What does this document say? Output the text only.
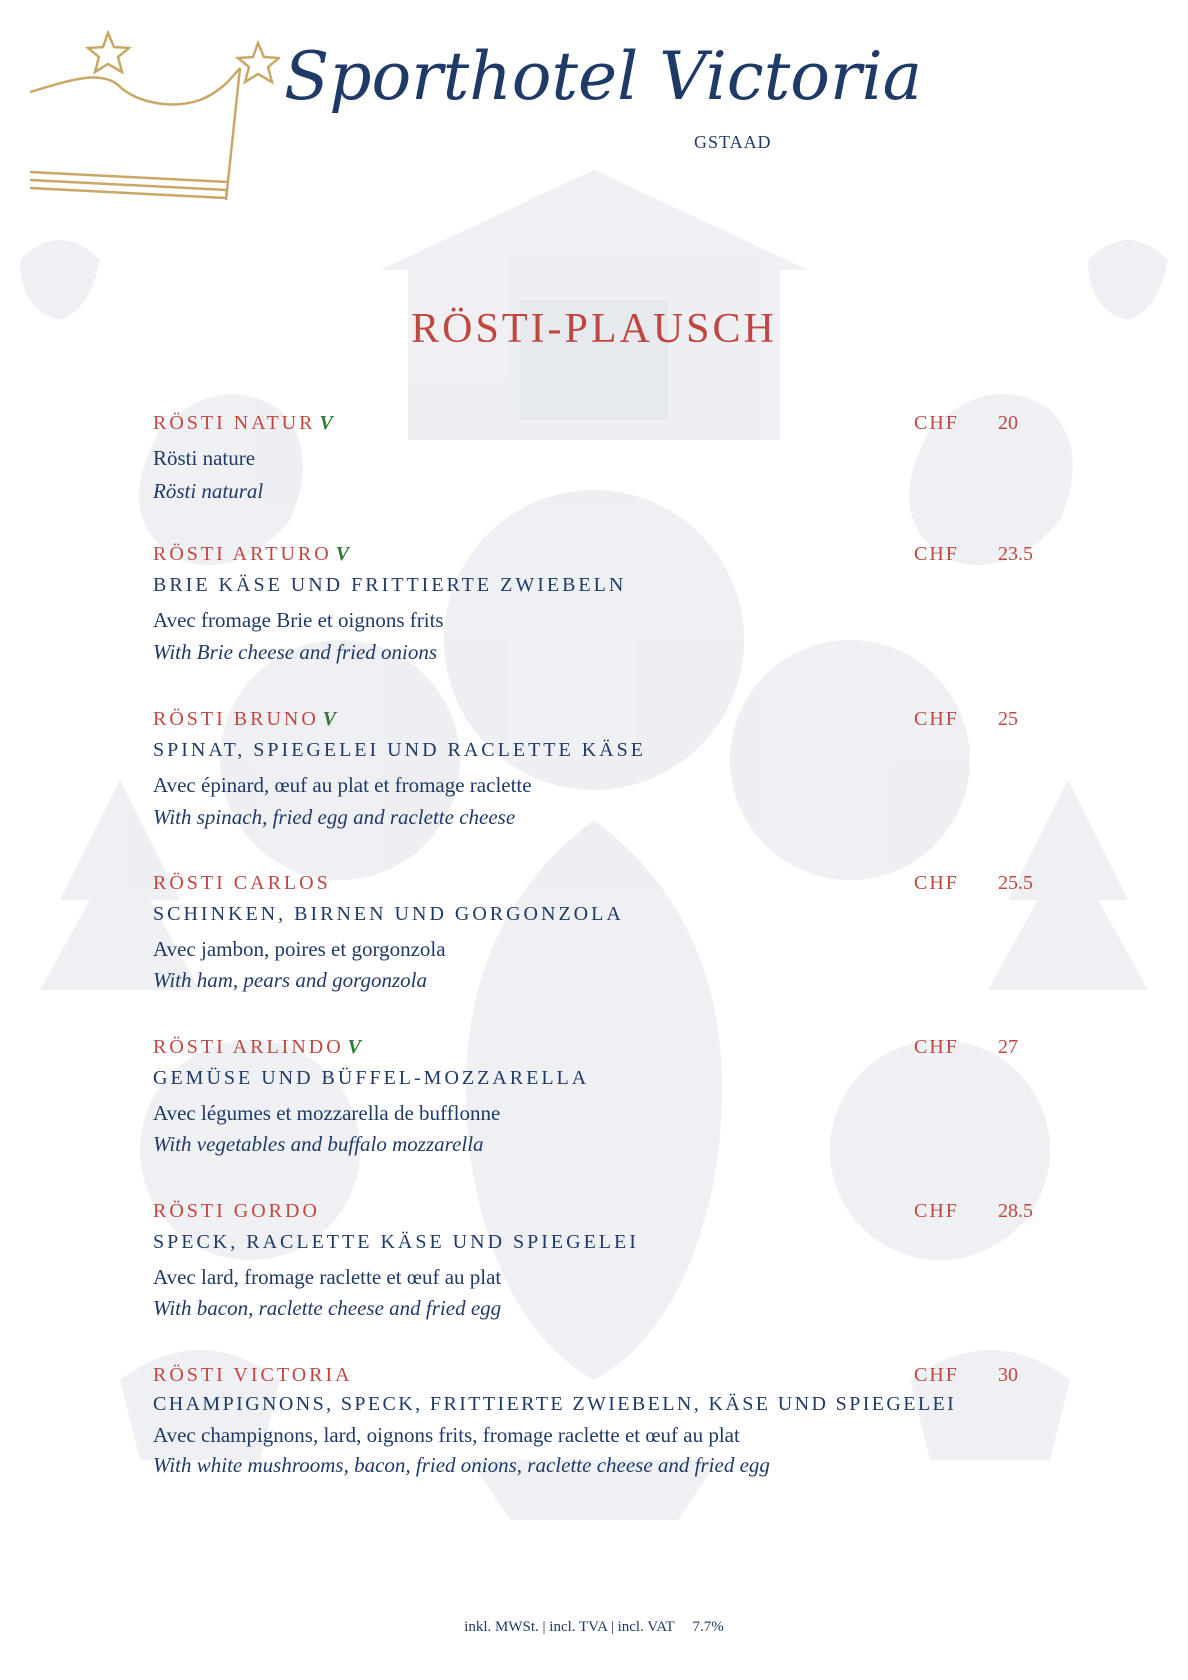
Sporthotel Victoria
GSTAAD
RÖSTI-PLAUSCH
RÖSTI NATUR V	CHF 20
Rösti nature
Rösti natural
RÖSTI ARTURO V	CHF 23.5
BRIE KÄSE UND FRITTIERTE ZWIEBELN
Avec fromage Brie et oignons frits
With Brie cheese and fried onions
RÖSTI BRUNO V	CHF 25
SPINAT, SPIEGELEI UND RACLETTE KÄSE
Avec épinard, œuf au plat et fromage raclette
With spinach, fried egg and raclette cheese
RÖSTI CARLOS	CHF 25.5
SCHINKEN, BIRNEN UND GORGONZOLA
Avec jambon, poires et gorgonzola
With ham, pears and gorgonzola
RÖSTI ARLINDO V	CHF 27
GEMÜSE UND BÜFFEL-MOZZARELLA
Avec légumes et mozzarella de bufflonne
With vegetables and buffalo mozzarella
RÖSTI GORDO	CHF 28.5
SPECK, RACLETTE KÄSE UND SPIEGELEI
Avec lard, fromage raclette et œuf au plat
With bacon, raclette cheese and fried egg
RÖSTI VICTORIA	CHF 30
CHAMPIGNONS, SPECK, FRITTIERTE ZWIEBELN, KÄSE UND SPIEGELEI
Avec champignons, lard, oignons frits, fromage raclette et œuf au plat
With white mushrooms, bacon, fried onions, raclette cheese and fried egg
inkl. MWSt. | incl. TVA | incl. VAT 7.7%
